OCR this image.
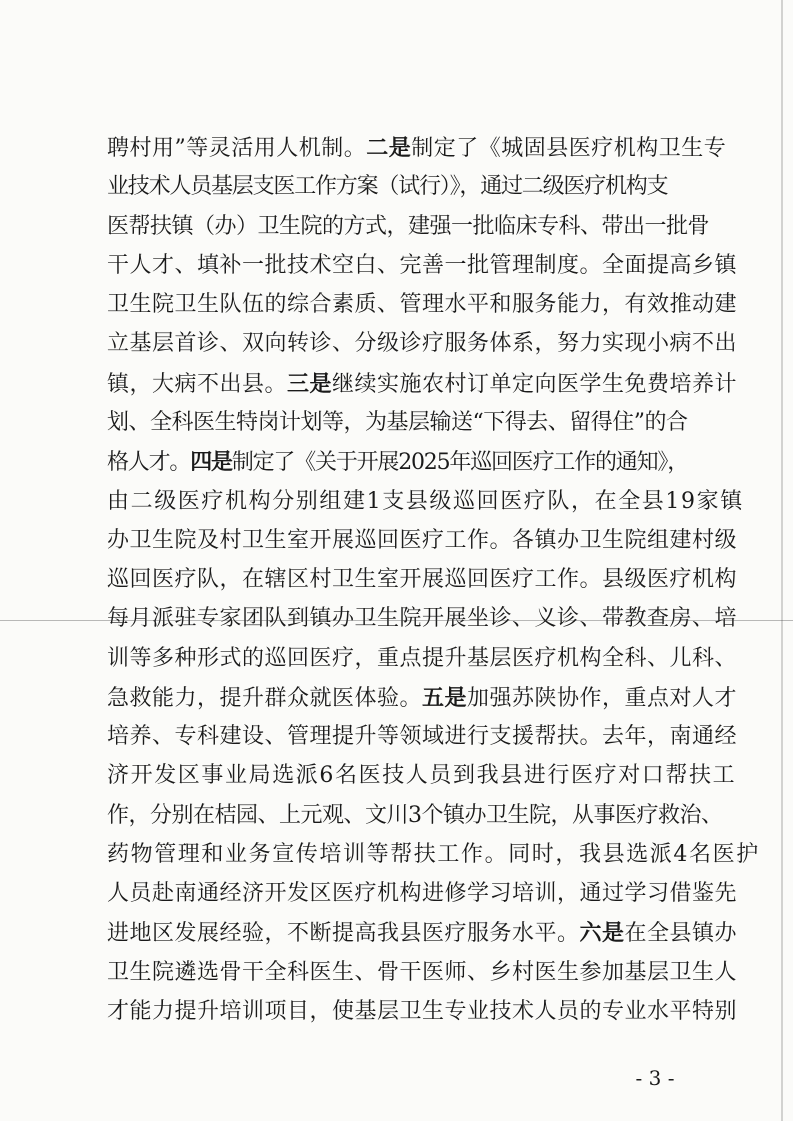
聘村用”等灵活用人机制。二是制定了《城固县医疗机构卫生专
业技术人员基层支医工作方案（试行）》，通过二级医疗机构支
医帮扶镇（办）卫生院的方式，建强一批临床专科、带出一批骨
干人才、填补一批技术空白、完善一批管理制度。全面提高乡镇
卫生院卫生队伍的综合素质、管理水平和服务能力，有效推动建
立基层首诊、双向转诊、分级诊疗服务体系，努力实现小病不出
镇，大病不出县。三是继续实施农村订单定向医学生免费培养计
划、全科医生特岗计划等，为基层输送“下得去、留得住”的合
格人才。四是制定了《关于开展2025年巡回医疗工作的通知》，
由二级医疗机构分别组建1支县级巡回医疗队，在全县19家镇
办卫生院及村卫生室开展巡回医疗工作。各镇办卫生院组建村级
巡回医疗队，在辖区村卫生室开展巡回医疗工作。县级医疗机构
每月派驻专家团队到镇办卫生院开展坐诊、义诊、带教查房、培
训等多种形式的巡回医疗，重点提升基层医疗机构全科、儿科、
急救能力，提升群众就医体验。五是加强苏陕协作，重点对人才
培养、专科建设、管理提升等领域进行支援帮扶。去年，南通经
济开发区事业局选派6名医技人员到我县进行医疗对口帮扶工
作，分别在桔园、上元观、文川3个镇办卫生院，从事医疗救治、
药物管理和业务宣传培训等帮扶工作。同时，我县选派4名医护
人员赴南通经济开发区医疗机构进修学习培训，通过学习借鉴先
进地区发展经验，不断提高我县医疗服务水平。六是在全县镇办
卫生院遴选骨干全科医生、骨干医师、乡村医生参加基层卫生人
才能力提升培训项目，使基层卫生专业技术人员的专业水平特别
- 3 -
